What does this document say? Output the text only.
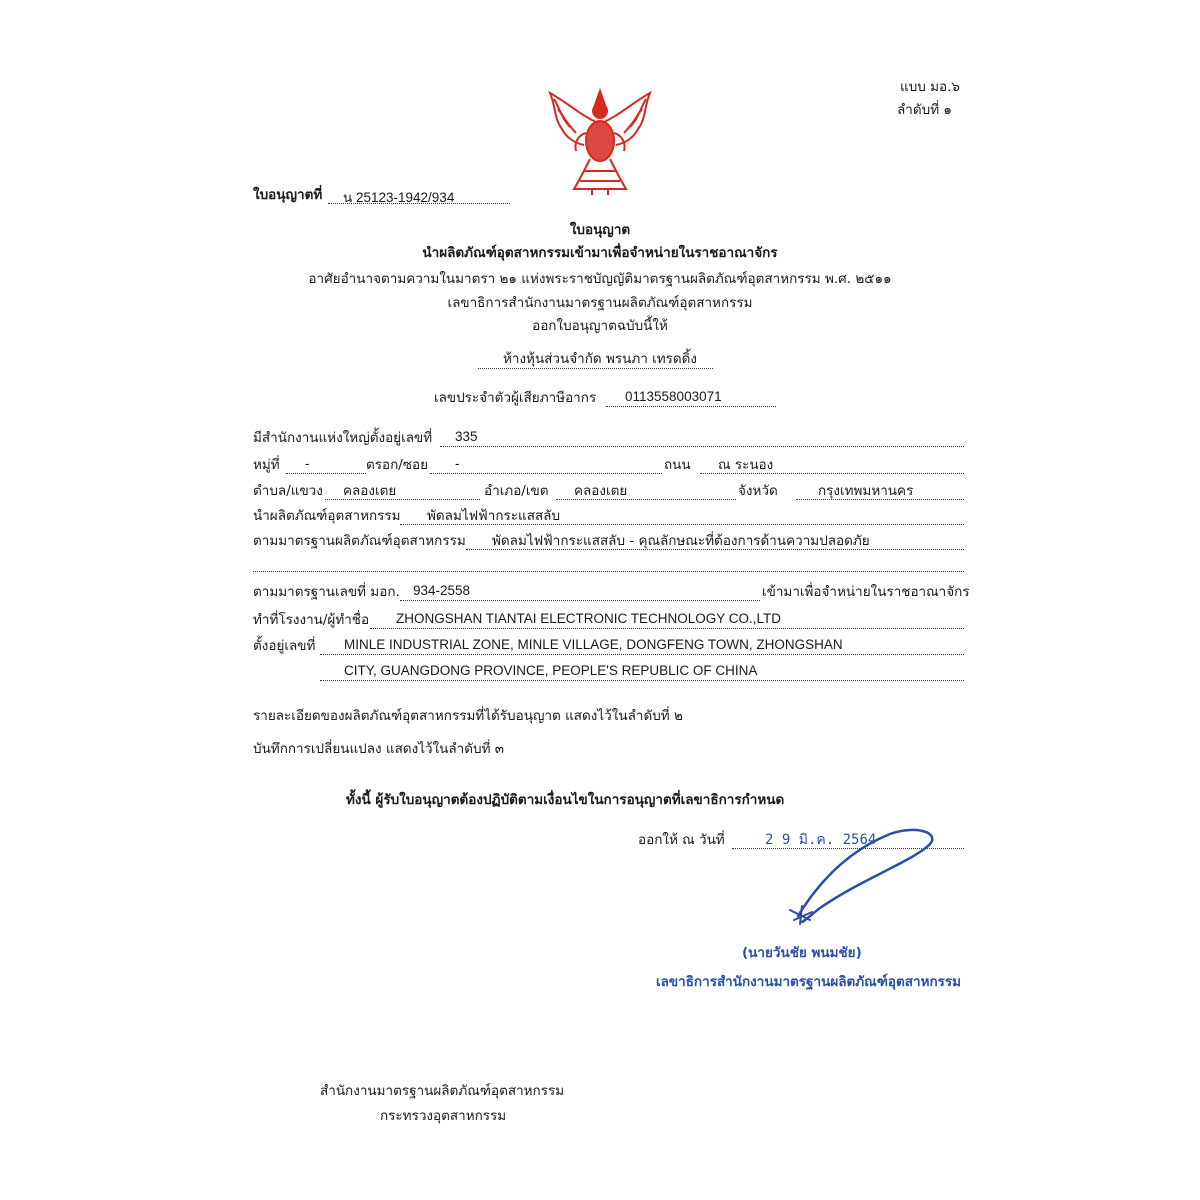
แบบ มอ.๖
ลำดับที่ ๑
ใบอนุญาตที่ น 25123-1942/934
ใบอนุญาต
นำผลิตภัณฑ์อุตสาหกรรมเข้ามาเพื่อจำหน่ายในราชอาณาจักร
อาศัยอำนาจตามความในมาตรา ๒๑ แห่งพระราชบัญญัติมาตรฐานผลิตภัณฑ์อุตสาหกรรม พ.ศ. ๒๕๑๑
เลขาธิการสำนักงานมาตรฐานผลิตภัณฑ์อุตสาหกรรม
ออกใบอนุญาตฉบับนี้ให้
ห้างหุ้นส่วนจำกัด พรนภา เทรดดิ้ง
เลขประจำตัวผู้เสียภาษีอากร 0113558003071
มีสำนักงานแห่งใหญ่ตั้งอยู่เลขที่ 335
หมู่ที่ -	ตรอก/ซอย -	ถนน ณ ระนอง
ตำบล/แขวง คลองเตย	อำเภอ/เขต คลองเตย	จังหวัด	กรุงเทพมหานคร
นำผลิตภัณฑ์อุตสาหกรรม พัดลมไฟฟ้ากระแสสลับ
ตามมาตรฐานผลิตภัณฑ์อุตสาหกรรม พัดลมไฟฟ้ากระแสสลับ - คุณลักษณะที่ต้องการด้านความปลอดภัย
ตามมาตรฐานเลขที่ มอก. 934-2558	เข้ามาเพื่อจำหน่ายในราชอาณาจักร
ทำที่โรงงาน/ผู้ทำชื่อ ZHONGSHAN TIANTAI ELECTRONIC TECHNOLOGY CO.,LTD
ตั้งอยู่เลขที่ MINLE INDUSTRIAL ZONE, MINLE VILLAGE, DONGFENG TOWN, ZHONGSHAN
CITY, GUANGDONG PROVINCE, PEOPLE'S REPUBLIC OF CHINA
รายละเอียดของผลิตภัณฑ์อุตสาหกรรมที่ได้รับอนุญาต แสดงไว้ในลำดับที่ ๒
บันทึกการเปลี่ยนแปลง แสดงไว้ในลำดับที่ ๓
ทั้งนี้ ผู้รับใบอนุญาตต้องปฏิบัติตามเงื่อนไขในการอนุญาตที่เลขาธิการกำหนด
ออกให้ ณ วันที่	2 9 มิ.ค. 2564
(นายวันชัย พนมชัย)
เลขาธิการสำนักงานมาตรฐานผลิตภัณฑ์อุตสาหกรรม
สำนักงานมาตรฐานผลิตภัณฑ์อุตสาหกรรม
กระทรวงอุตสาหกรรม
